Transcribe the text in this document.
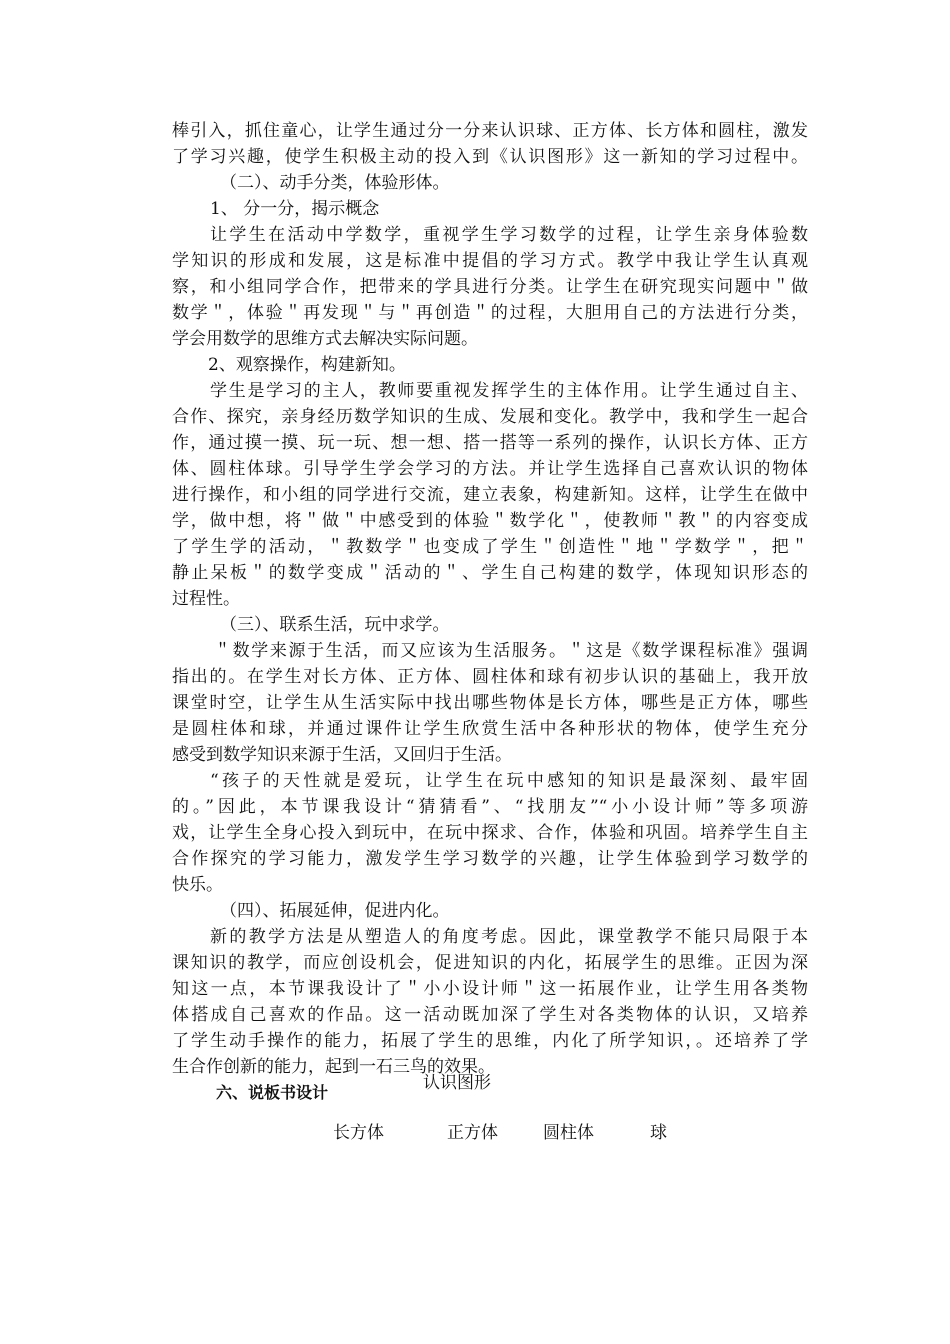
棒引入，抓住童心，让学生通过分一分来认识球、正方体、长方体和圆柱，激发
了学习兴趣，使学生积极主动的投入到《认识图形》这一新知的学习过程中。
（二）、动手分类，体验形体。
1、 分一分，揭示概念
让学生在活动中学数学，重视学生学习数学的过程，让学生亲身体验数
学知识的形成和发展，这是标准中提倡的学习方式。教学中我让学生认真观
察，和小组同学合作，把带来的学具进行分类。让学生在研究现实问题中＂做
数学＂，体验＂再发现＂与＂再创造＂的过程，大胆用自己的方法进行分类，
学会用数学的思维方式去解决实际问题。
2、观察操作，构建新知。
学生是学习的主人，教师要重视发挥学生的主体作用。让学生通过自主、
合作、探究，亲身经历数学知识的生成、发展和变化。教学中，我和学生一起合
作，通过摸一摸、玩一玩、想一想、搭一搭等一系列的操作，认识长方体、正方
体、圆柱体球。引导学生学会学习的方法。并让学生选择自己喜欢认识的物体
进行操作，和小组的同学进行交流，建立表象，构建新知。这样，让学生在做中
学，做中想，将＂做＂中感受到的体验＂数学化＂，使教师＂教＂的内容变成
了学生学的活动，＂教数学＂也变成了学生＂创造性＂地＂学数学＂，把＂
静止呆板＂的数学变成＂活动的＂、学生自己构建的数学，体现知识形态的
过程性。
（三）、联系生活，玩中求学。
＂数学来源于生活，而又应该为生活服务。＂这是《数学课程标准》强调
指出的。在学生对长方体、正方体、圆柱体和球有初步认识的基础上，我开放
课堂时空，让学生从生活实际中找出哪些物体是长方体，哪些是正方体，哪些
是圆柱体和球，并通过课件让学生欣赏生活中各种形状的物体，使学生充分
感受到数学知识来源于生活，又回归于生活。
“孩子的天性就是爱玩，让学生在玩中感知的知识是最深刻、最牢固
的。”因此，本节课我设计“猜猜看”、“找朋友”“小小设计师”等多项游
戏，让学生全身心投入到玩中，在玩中探求、合作，体验和巩固。培养学生自主
合作探究的学习能力，激发学生学习数学的兴趣，让学生体验到学习数学的
快乐。
（四）、拓展延伸，促进内化。
新的教学方法是从塑造人的角度考虑。因此，课堂教学不能只局限于本
课知识的教学，而应创设机会，促进知识的内化，拓展学生的思维。正因为深
知这一点，本节课我设计了＂小小设计师＂这一拓展作业，让学生用各类物
体搭成自己喜欢的作品。这一活动既加深了学生对各类物体的认识，又培养
了学生动手操作的能力，拓展了学生的思维，内化了所学知识，。还培养了学
生合作创新的能力，起到一石三鸟的效果。
六、说板书设计	认识图形
长方体	正方体	圆柱体	球
